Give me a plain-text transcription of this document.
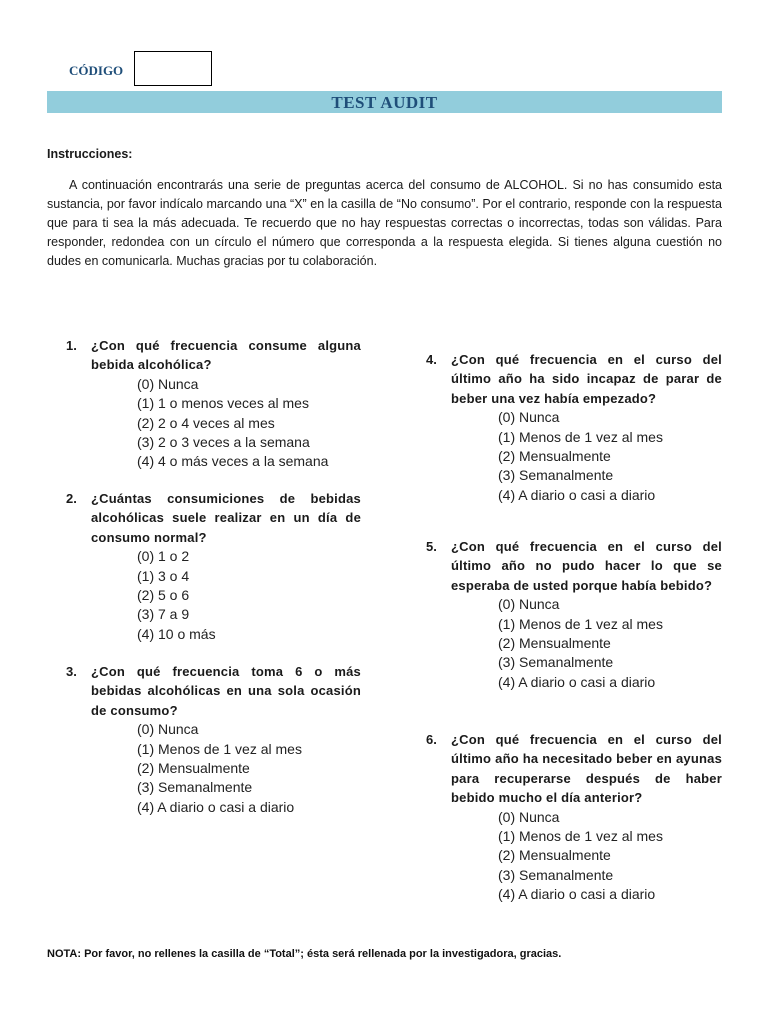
CÓDIGO
TEST AUDIT
Instrucciones:

A continuación encontrarás una serie de preguntas acerca del consumo de ALCOHOL. Si no has consumido esta sustancia, por favor indícalo marcando una “X” en la casilla de “No consumo”. Por el contrario, responde con la respuesta que para ti sea la más adecuada. Te recuerdo que no hay respuestas correctas o incorrectas, todas son válidas. Para responder, redondea con un círculo el número que corresponda a la respuesta elegida. Si tienes alguna cuestión no dudes en comunicarla. Muchas gracias por tu colaboración.

1.	¿Con qué frecuencia consume alguna bebida alcohólica?
(0) Nunca
(1) 1 o menos veces al mes
(2) 2 o 4 veces al mes
(3) 2 o 3 veces a la semana
(4) 4 o más veces a la semana
2.	¿Cuántas consumiciones de bebidas alcohólicas suele realizar en un día de consumo normal?
(0) 1 o 2
(1) 3 o 4
(2) 5 o 6
(3) 7 a 9
(4) 10 o más
3.	¿Con qué frecuencia toma 6 o más bebidas alcohólicas en una sola ocasión de consumo?
(0) Nunca
(1) Menos de 1 vez al mes
(2) Mensualmente
(3) Semanalmente
(4) A diario o casi a diario
4.	¿Con qué frecuencia en el curso del último año ha sido incapaz de parar de beber una vez había empezado?
(0) Nunca
(1) Menos de 1 vez al mes
(2) Mensualmente
(3) Semanalmente
(4) A diario o casi a diario
5.	¿Con qué frecuencia en el curso del último año no pudo hacer lo que se esperaba de usted porque había bebido?
(0) Nunca
(1) Menos de 1 vez al mes
(2) Mensualmente
(3) Semanalmente
(4) A diario o casi a diario
6.	¿Con qué frecuencia en el curso del último año ha necesitado beber en ayunas para recuperarse después de haber bebido mucho el día anterior?
(0) Nunca
(1) Menos de 1 vez al mes
(2) Mensualmente
(3) Semanalmente
(4) A diario o casi a diario
NOTA: Por favor, no rellenes la casilla de “Total”; ésta será rellenada por la investigadora, gracias.
